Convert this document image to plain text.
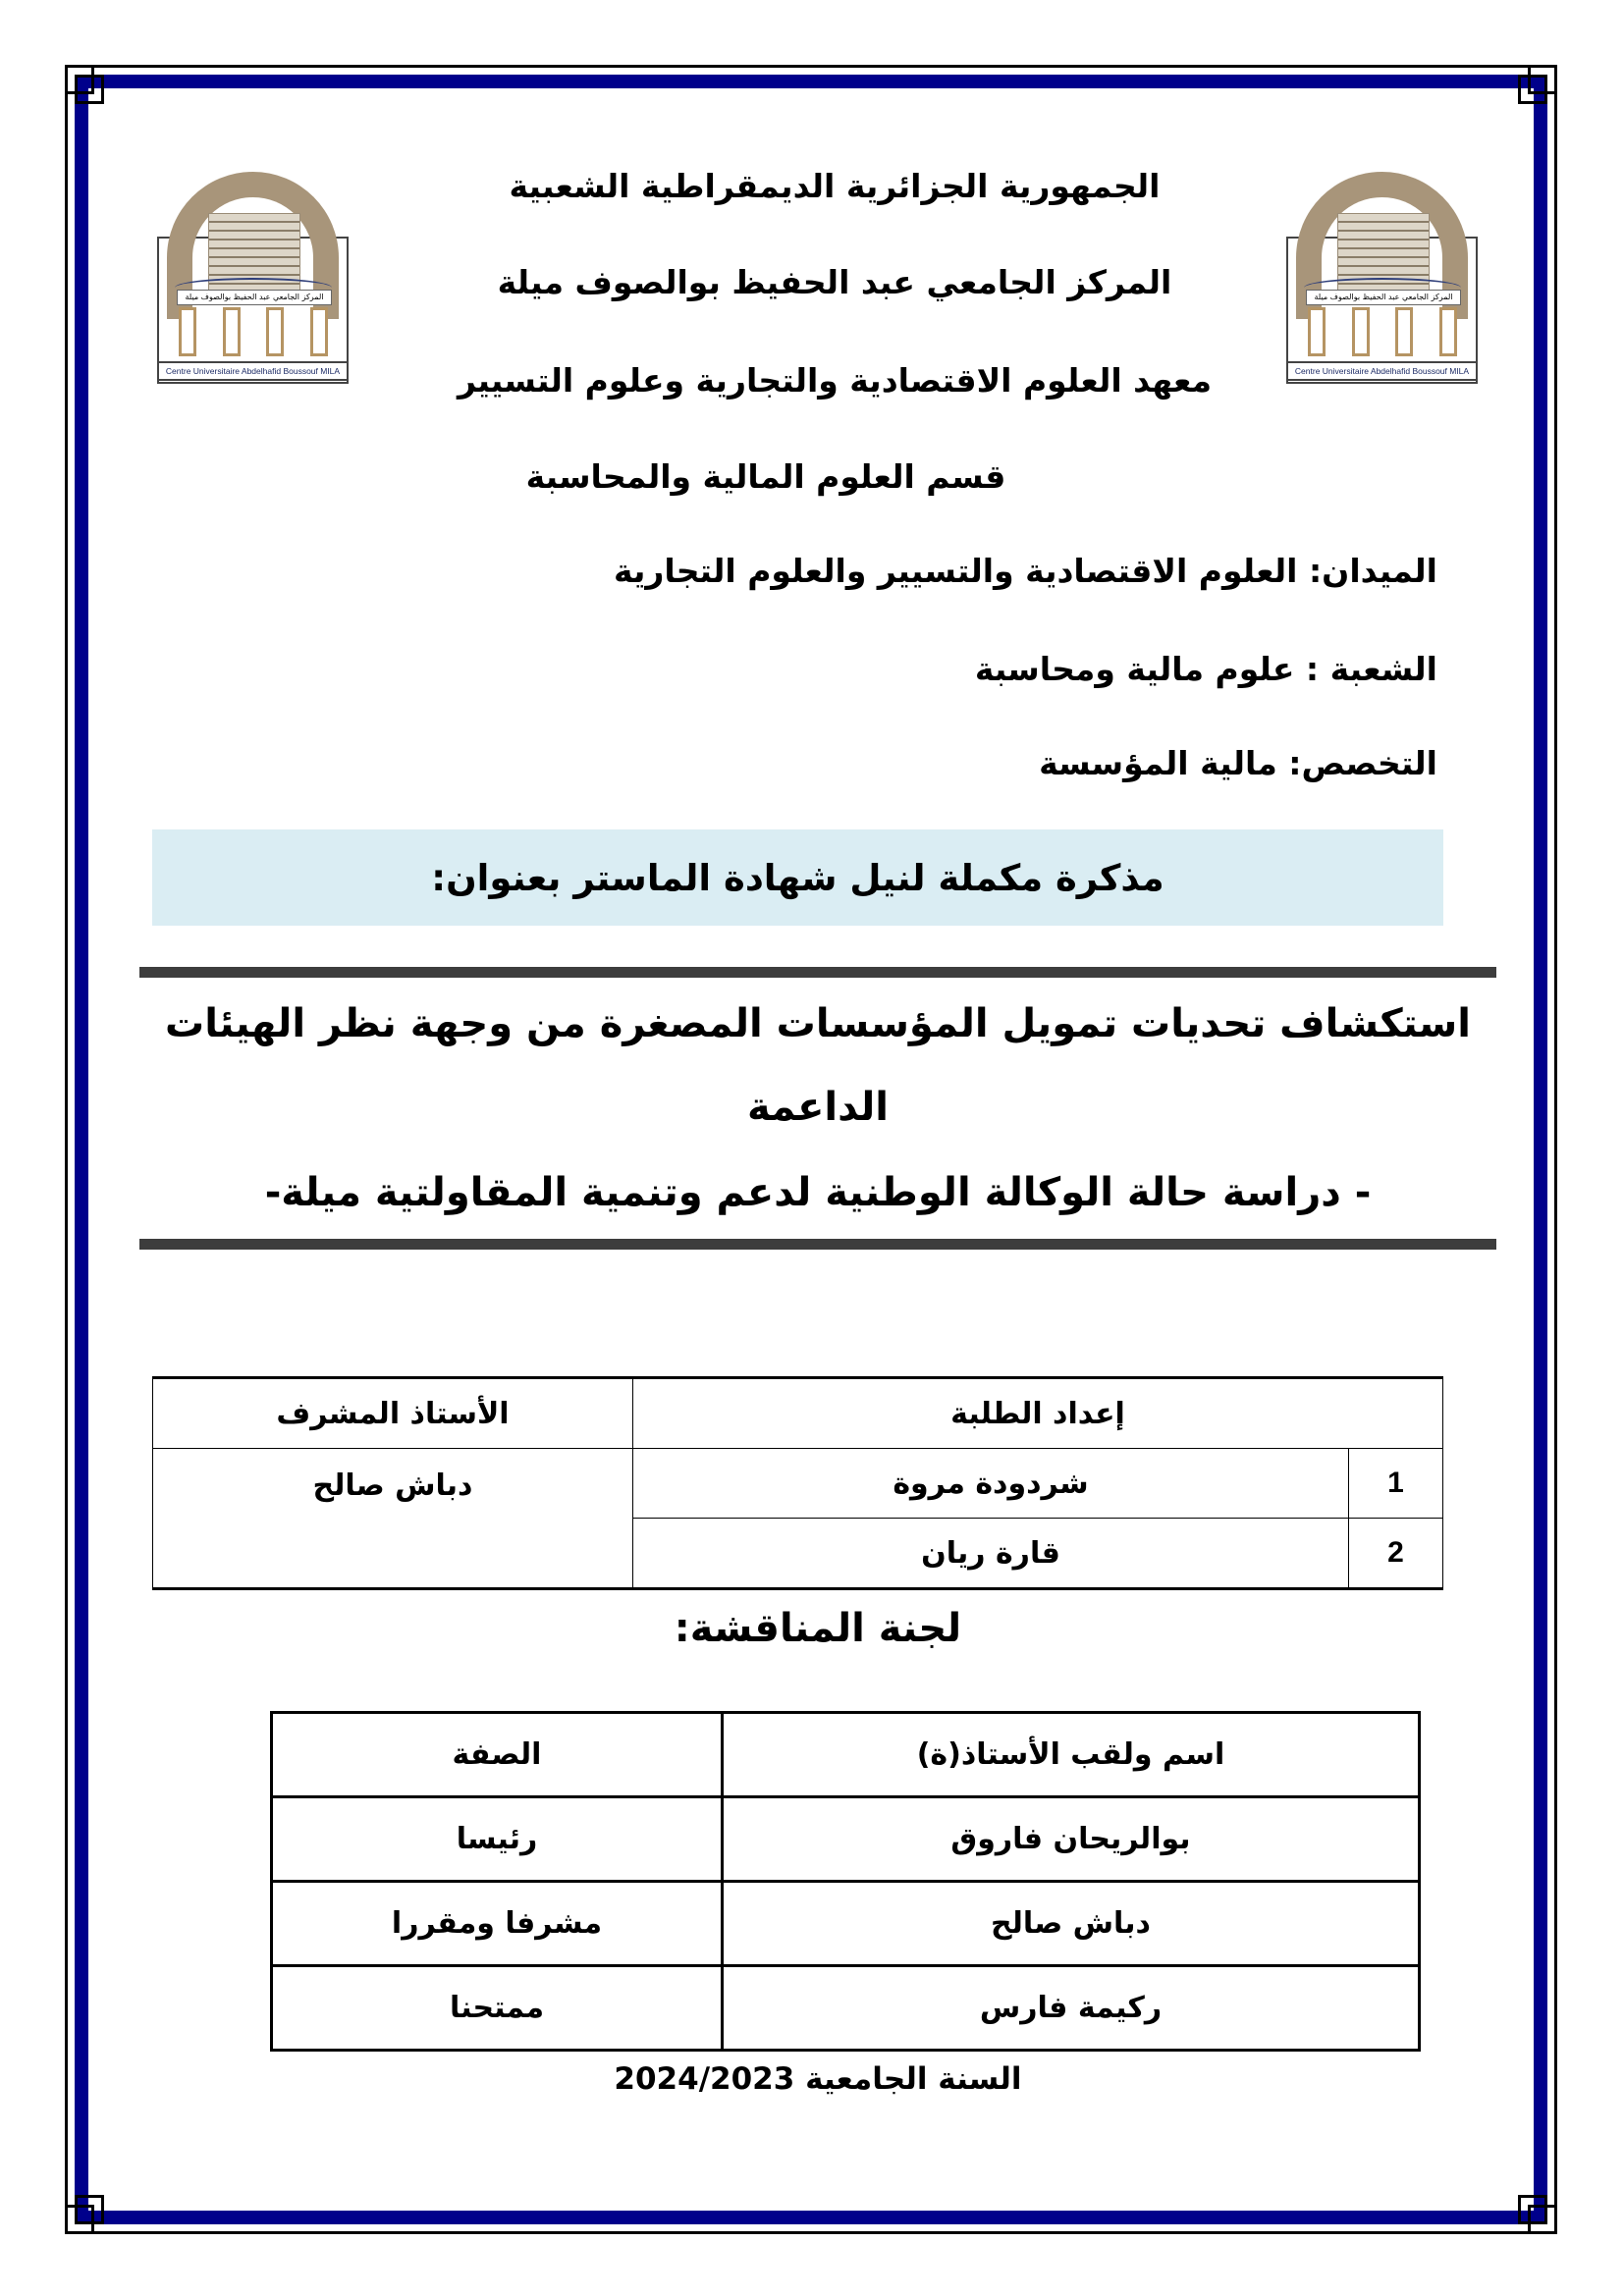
المركز الجامعي عبد الحفيظ بوالصوف ميلة
Centre Universitaire Abdelhafid Boussouf MILA
المركز الجامعي عبد الحفيظ بوالصوف ميلة
Centre Universitaire Abdelhafid Boussouf MILA
الجمهورية الجزائرية الديمقراطية الشعبية
المركز الجامعي عبد الحفيظ بوالصوف ميلة
معهد العلوم الاقتصادية والتجارية وعلوم التسيير
قسم العلوم المالية والمحاسبة
الميدان: العلوم الاقتصادية والتسيير والعلوم التجارية
الشعبة : علوم مالية ومحاسبة
التخصص: مالية المؤسسة
مذكرة مكملة لنيل شهادة الماستر بعنوان:
استكشاف تحديات تمويل المؤسسات المصغرة من وجهة نظر الهيئات
الداعمة
- دراسة حالة الوكالة الوطنية لدعم وتنمية المقاولتية ميلة-
إعداد الطلبة		الأستاذ المشرف
1	شردودة مروة	دباش صالح
2	قارة ريان	
لجنة المناقشة:
اسم ولقب الأستاذ(ة)	الصفة
بوالريحان فاروق	رئيسا
دباش صالح	مشرفا ومقررا
ركيمة فارس	ممتحنا
السنة الجامعية 2024/2023
